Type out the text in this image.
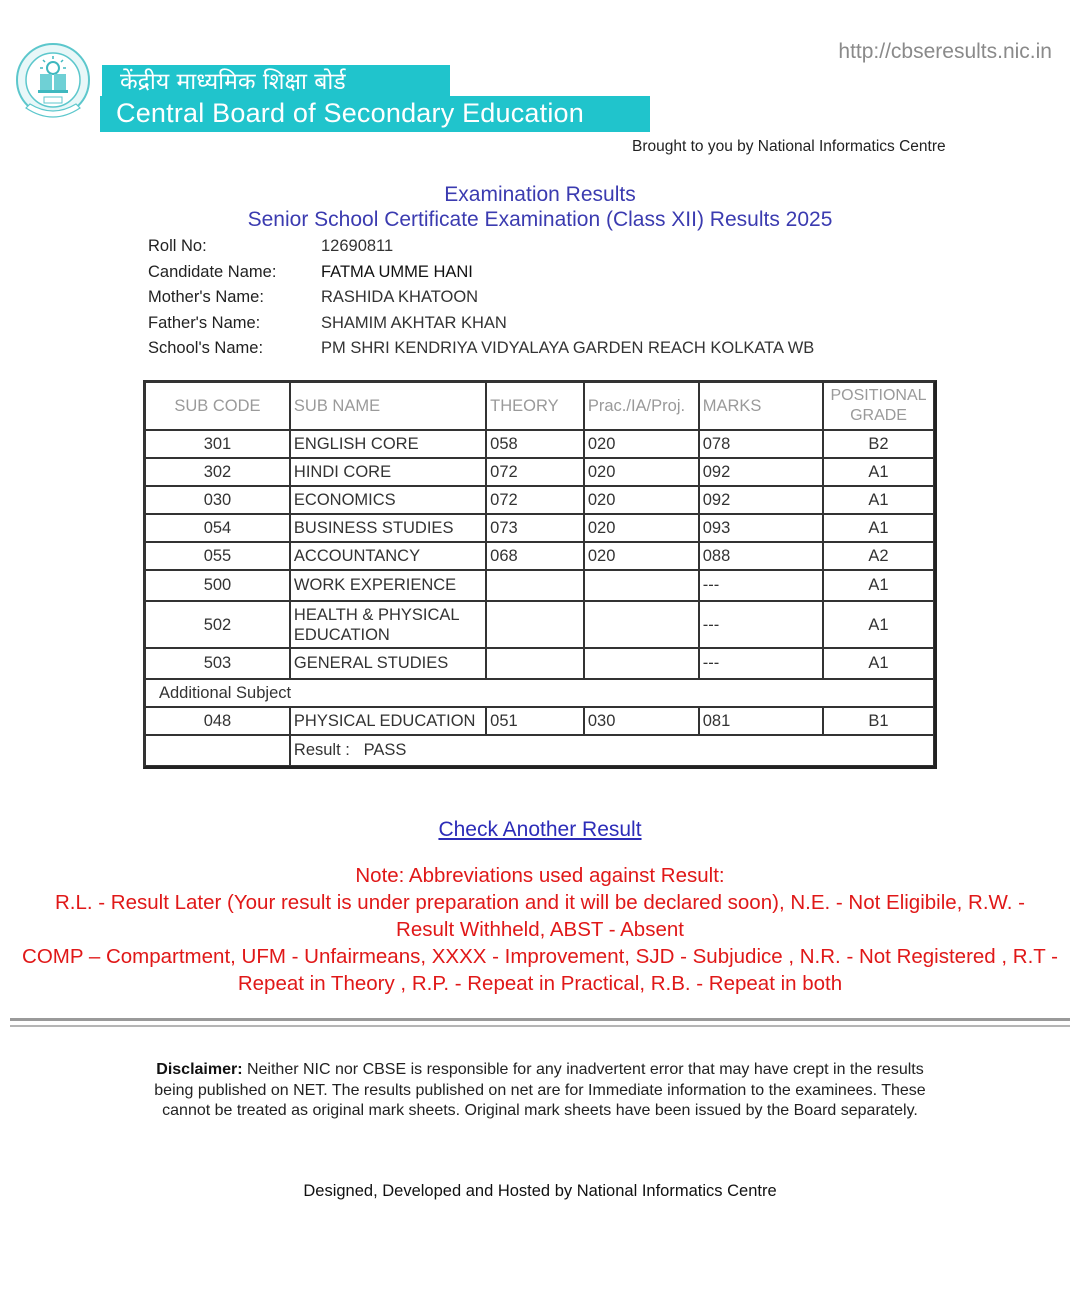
केंद्रीय माध्यमिक शिक्षा बोर्ड
Central Board of Secondary Education
http://cbseresults.nic.in
Brought to you by National Informatics Centre
Examination Results
Senior School Certificate Examination (Class XII) Results 2025
Roll No:	12690811
Candidate Name:	FATMA UMME HANI
Mother's Name:	RASHIDA KHATOON
Father's Name:	SHAMIM AKHTAR KHAN
School's Name:	PM SHRI KENDRIYA VIDYALAYA GARDEN REACH KOLKATA WB
SUB CODE	SUB NAME	THEORY	Prac./IA/Proj.	MARKS	POSITIONAL
GRADE
301	ENGLISH CORE	058	020	078	B2
302	HINDI CORE	072	020	092	A1
030	ECONOMICS	072	020	092	A1
054	BUSINESS STUDIES	073	020	093	A1
055	ACCOUNTANCY	068	020	088	A2
500	WORK EXPERIENCE			---	A1
502	HEALTH & PHYSICAL EDUCATION			---	A1
503	GENERAL STUDIES			---	A1
Additional Subject					
048	PHYSICAL EDUCATION	051	030	081	B1
	Result : PASS				
Check Another Result

Note: Abbreviations used against Result:

R.L. - Result Later (Your result is under preparation and it will be declared soon), N.E. - Not Eligibile, R.W. - Result Withheld, ABST - Absent

COMP – Compartment, UFM - Unfairmeans, XXXX - Improvement, SJD - Subjudice , N.R. - Not Registered , R.T - Repeat in Theory , R.P. - Repeat in Practical, R.B. - Repeat in both

Disclaimer: Neither NIC nor CBSE is responsible for any inadvertent error that may have crept in the results being published on NET. The results published on net are for Immediate information to the examinees. These cannot be treated as original mark sheets. Original mark sheets have been issued by the Board separately.
Designed, Developed and Hosted by National Informatics Centre
